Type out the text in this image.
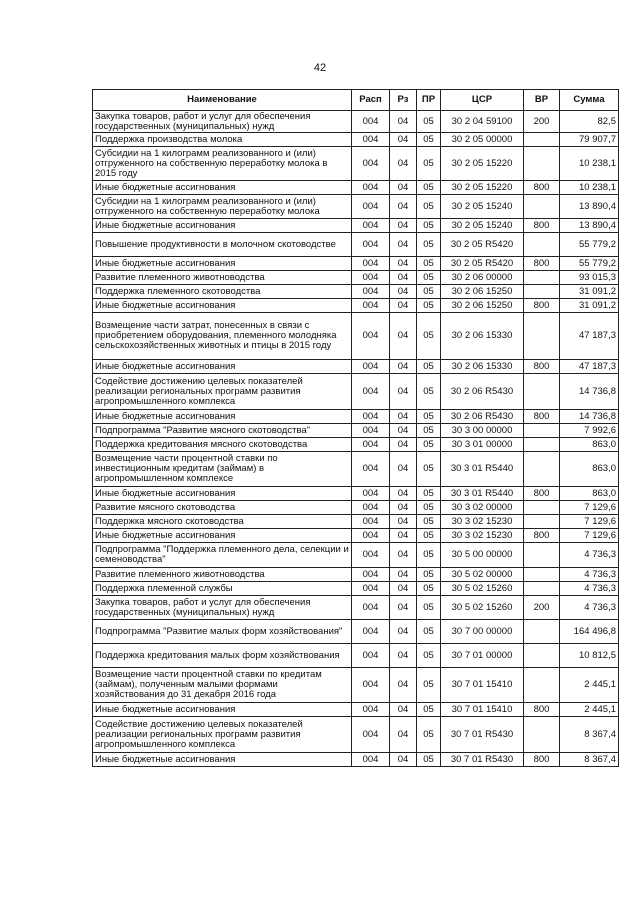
42
Наименование	Расп	Рз	ПР	ЦСР	ВР	Сумма
Закупка товаров, работ и услуг для обеспечения государственных (муниципальных) нужд	004	04	05	30 2 04 59100	200	82,5
Поддержка производства молока	004	04	05	30 2 05 00000		79 907,7
Субсидии на 1 килограмм реализованного и (или) отгруженного на собственную переработку молока в 2015 году	004	04	05	30 2 05 15220		10 238,1
Иные бюджетные ассигнования	004	04	05	30 2 05 15220	800	10 238,1
Субсидии на 1 килограмм реализованного и (или) отгруженного на собственную переработку молока	004	04	05	30 2 05 15240		13 890,4
Иные бюджетные ассигнования	004	04	05	30 2 05 15240	800	13 890,4
Повышение продуктивности в молочном скотоводстве	004	04	05	30 2 05 R5420		55 779,2
Иные бюджетные ассигнования	004	04	05	30 2 05 R5420	800	55 779,2
Развитие племенного животноводства	004	04	05	30 2 06 00000		93 015,3
Поддержка племенного скотоводства	004	04	05	30 2 06 15250		31 091,2
Иные бюджетные ассигнования	004	04	05	30 2 06 15250	800	31 091,2
Возмещение части затрат, понесенных в связи с приобретением оборудования, племенного молодняка сельскохозяйственных животных и птицы в 2015 году	004	04	05	30 2 06 15330		47 187,3
Иные бюджетные ассигнования	004	04	05	30 2 06 15330	800	47 187,3
Содействие достижению целевых показателей реализации региональных программ развития агропромышленного комплекса	004	04	05	30 2 06 R5430		14 736,8
Иные бюджетные ассигнования	004	04	05	30 2 06 R5430	800	14 736,8
Подпрограмма "Развитие мясного скотоводства"	004	04	05	30 3 00 00000		7 992,6
Поддержка кредитования мясного скотоводства	004	04	05	30 3 01 00000		863,0
Возмещение части процентной ставки по инвестиционным кредитам (займам) в агропромышленном комплексе	004	04	05	30 3 01 R5440		863,0
Иные бюджетные ассигнования	004	04	05	30 3 01 R5440	800	863,0
Развитие мясного скотоводства	004	04	05	30 3 02 00000		7 129,6
Поддержка мясного скотоводства	004	04	05	30 3 02 15230		7 129,6
Иные бюджетные ассигнования	004	04	05	30 3 02 15230	800	7 129,6
Подпрограмма "Поддержка племенного дела, селекции и семеноводства"	004	04	05	30 5 00 00000		4 736,3
Развитие племенного животноводства	004	04	05	30 5 02 00000		4 736,3
Поддержка племенной службы	004	04	05	30 5 02 15260		4 736,3
Закупка товаров, работ и услуг для обеспечения государственных (муниципальных) нужд	004	04	05	30 5 02 15260	200	4 736,3
Подпрограмма "Развитие малых форм хозяйствования"	004	04	05	30 7 00 00000		164 496,8
Поддержка кредитования малых форм хозяйствования	004	04	05	30 7 01 00000		10 812,5
Возмещение части процентной ставки по кредитам (займам), полученным малыми формами хозяйствования до 31 декабря 2016 года	004	04	05	30 7 01 15410		2 445,1
Иные бюджетные ассигнования	004	04	05	30 7 01 15410	800	2 445,1
Содействие достижению целевых показателей реализации региональных программ развития агропромышленного комплекса	004	04	05	30 7 01 R5430		8 367,4
Иные бюджетные ассигнования	004	04	05	30 7 01 R5430	800	8 367,4
